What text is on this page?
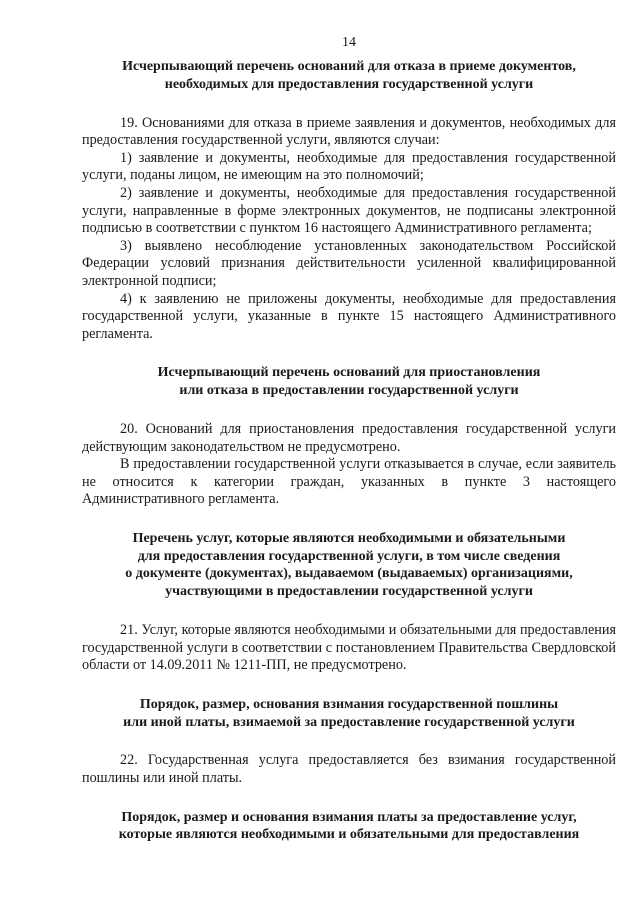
14
Исчерпывающий перечень оснований для отказа в приеме документов,
необходимых для предоставления государственной услуги

19. Основаниями для отказа в приеме заявления и документов, необходимых для предоставления государственной услуги, являются случаи:

1) заявление и документы, необходимые для предоставления государственной услуги, поданы лицом, не имеющим на это полномочий;

2) заявление и документы, необходимые для предоставления государственной услуги, направленные в форме электронных документов, не подписаны электронной подписью в соответствии с пунктом 16 настоящего Административного регламента;

3) выявлено несоблюдение установленных законодательством Российской Федерации условий признания действительности усиленной квалифицированной электронной подписи;

4) к заявлению не приложены документы, необходимые для предоставления государственной услуги, указанные в пункте 15 настоящего Административного регламента.

Исчерпывающий перечень оснований для приостановления
или отказа в предоставлении государственной услуги

20. Оснований для приостановления предоставления государственной услуги действующим законодательством не предусмотрено.

В предоставлении государственной услуги отказывается в случае, если заявитель не относится к категории граждан, указанных в пункте 3 настоящего Административного регламента.

Перечень услуг, которые являются необходимыми и обязательными
для предоставления государственной услуги, в том числе сведения
о документе (документах), выдаваемом (выдаваемых) организациями,
участвующими в предоставлении государственной услуги

21. Услуг, которые являются необходимыми и обязательными для предоставления государственной услуги в соответствии с постановлением Правительства Свердловской области от 14.09.2011 № 1211-ПП, не предусмотрено.

Порядок, размер, основания взимания государственной пошлины
или иной платы, взимаемой за предоставление государственной услуги

22. Государственная услуга предоставляется без взимания государственной пошлины или иной платы.

Порядок, размер и основания взимания платы за предоставление услуг,
которые являются необходимыми и обязательными для предоставления
